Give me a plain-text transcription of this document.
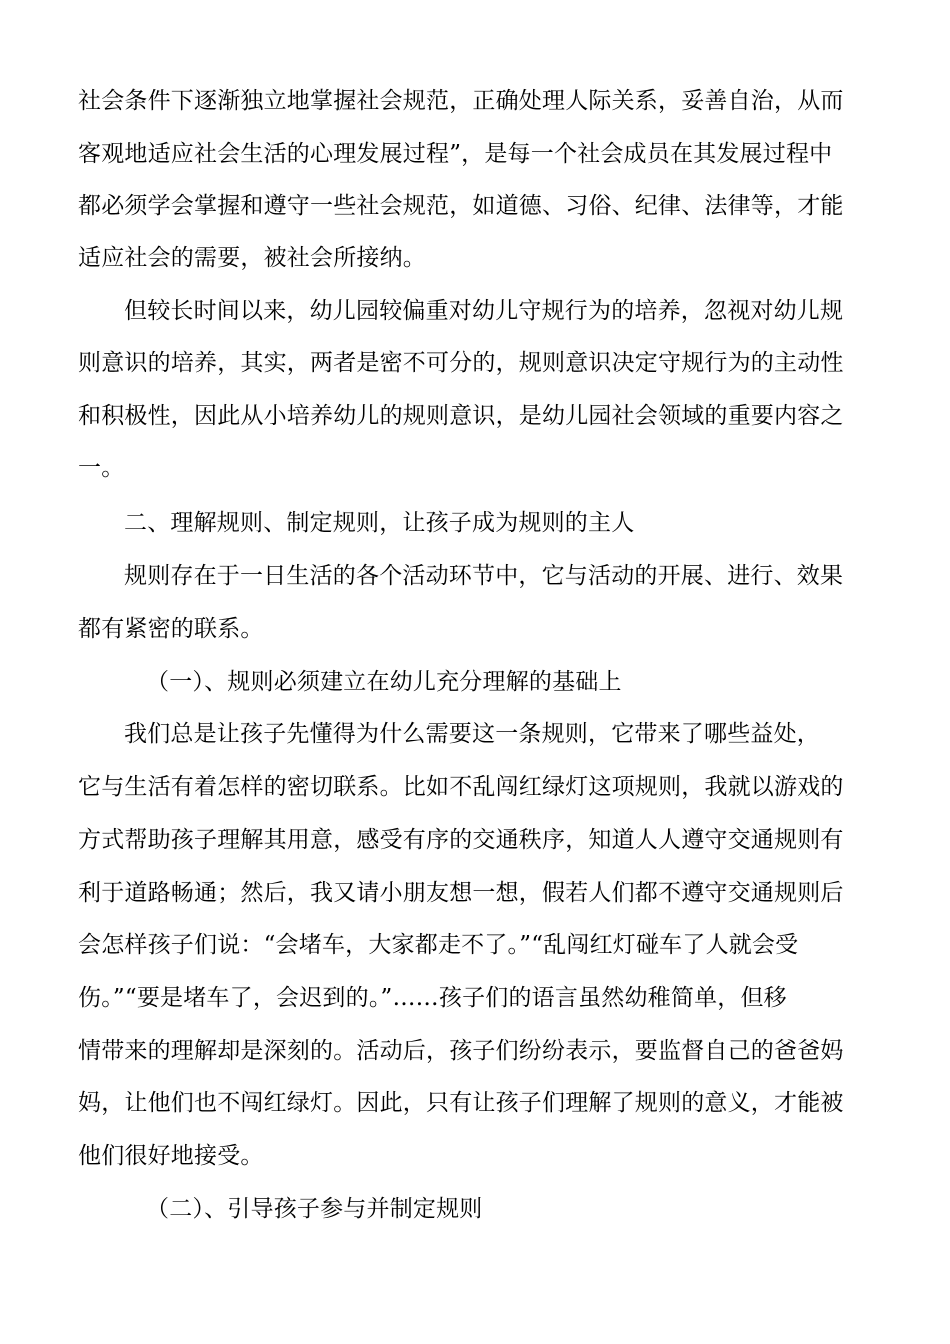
社会条件下逐渐独立地掌握社会规范，正确处理人际关系，妥善自治，从而
客观地适应社会生活的心理发展过程”，是每一个社会成员在其发展过程中
都必须学会掌握和遵守一些社会规范，如道德、习俗、纪律、法律等，才能
适应社会的需要，被社会所接纳。
但较长时间以来，幼儿园较偏重对幼儿守规行为的培养，忽视对幼儿规
则意识的培养，其实，两者是密不可分的，规则意识决定守规行为的主动性
和积极性，因此从小培养幼儿的规则意识，是幼儿园社会领域的重要内容之
一。
二、理解规则、制定规则，让孩子成为规则的主人
规则存在于一日生活的各个活动环节中，它与活动的开展、进行、效果
都有紧密的联系。
（一）、规则必须建立在幼儿充分理解的基础上
我们总是让孩子先懂得为什么需要这一条规则，它带来了哪些益处，
它与生活有着怎样的密切联系。比如不乱闯红绿灯这项规则，我就以游戏的
方式帮助孩子理解其用意，感受有序的交通秩序，知道人人遵守交通规则有
利于道路畅通；然后，我又请小朋友想一想，假若人们都不遵守交通规则后
会怎样孩子们说：“会堵车，大家都走不了。”“乱闯红灯碰车了人就会受
伤。”“要是堵车了，会迟到的。”……孩子们的语言虽然幼稚简单，但移
情带来的理解却是深刻的。活动后，孩子们纷纷表示，要监督自己的爸爸妈
妈，让他们也不闯红绿灯。因此，只有让孩子们理解了规则的意义，才能被
他们很好地接受。
（二）、引导孩子参与并制定规则
